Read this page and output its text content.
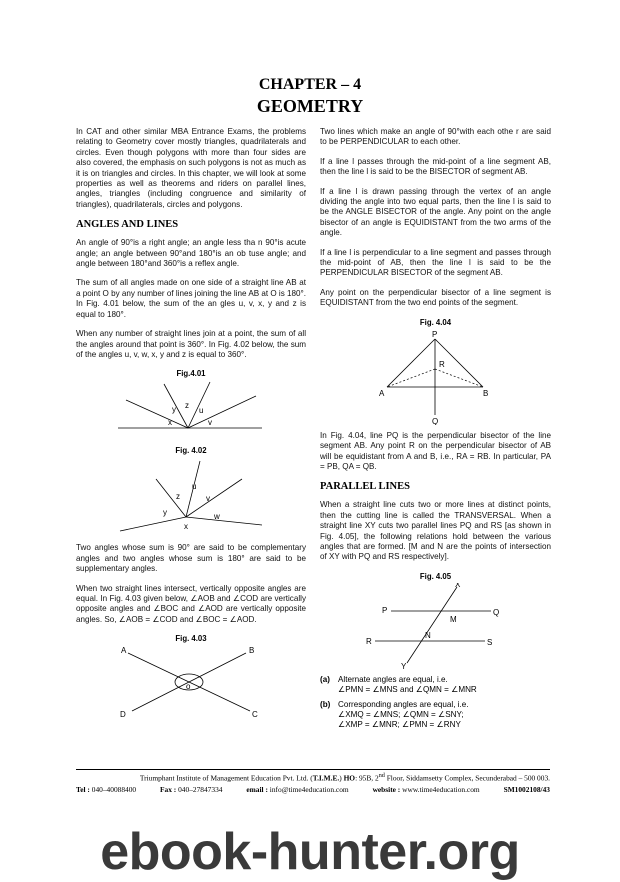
CHAPTER – 4
GEOMETRY

In CAT and other similar MBA Entrance Exams, the problems relating to Geometry cover mostly triangles, quadrilaterals and circles. Even though polygons with more than four sides are also covered, the emphasis on such polygons is not as much as it is on triangles and circles. In this chapter, we will look at some properties as well as theorems and riders on parallel lines, angles, triangles (including congruence and similarity of triangles), quadrilaterals, circles and polygons.

ANGLES AND LINES

An angle of 90°is a right angle; an angle less tha n 90°is acute angle; an angle between 90°and 180°is an ob tuse angle; and angle between 180°and 360°is a reflex angle.

The sum of all angles made on one side of a straight line AB at a point O by any number of lines joining the line AB at O is 180°. In Fig. 4.01 below, the sum of the an gles u, v, x, y and z is equal to 180°.

When any number of straight lines join at a point, the sum of all the angles around that point is 360°. In Fig. 4.02 below, the sum of the angles u, v, w, x, y and z is equal to 360°.

Fig.4.01
x
y z
u
v
Fig. 4.02
u
z	v
y	w
x

Two angles whose sum is 90° are said to be complementary angles and two angles whose sum is 180° are said to be supplementary angles.

When two straight lines intersect, vertically opposite angles are equal. In Fig. 4.03 given below, ∠AOB and ∠COD are vertically opposite angles and ∠BOC and ∠AOD are vertically opposite angles. So, ∠AOB = ∠COD and ∠BOC = ∠AOD.

Fig. 4.03
A	B
D	C
o

Two lines which make an angle of 90°with each othe r are said to be PERPENDICULAR to each other.

If a line l passes through the mid-point of a line segment AB, then the line l is said to be the BISECTOR of segment AB.

If a line l is drawn passing through the vertex of an angle dividing the angle into two equal parts, then the line l is said to be the ANGLE BISECTOR of the angle. Any point on the angle bisector of an angle is EQUIDISTANT from the two arms of the angle.

If a line l is perpendicular to a line segment and passes through the mid-point of AB, then the line l is said to be the PERPENDICULAR BISECTOR of the segment AB.

Any point on the perpendicular bisector of a line segment is EQUIDISTANT from the two end points of the segment.

Fig. 4.04
P
R
A	B
Q

In Fig. 4.04, line PQ is the perpendicular bisector of the line segment AB. Any point R on the perpendicular bisector of AB will be equidistant from A and B, i.e., RA = RB. In particular, PA = PB, QA = QB.

PARALLEL LINES

When a straight line cuts two or more lines at distinct points, then the cutting line is called the TRANSVERSAL. When a straight line XY cuts two parallel lines PQ and RS [as shown in Fig. 4.05], the following relations hold between the various angles that are formed. [M and N are the points of intersection of XY with PQ and RS respectively].

Fig. 4.05
X
P	Q
M
N
R	S
Y
(a) Alternate angles are equal, i.e.
∠PMN = ∠MNS and ∠QMN = ∠MNR
(b) Corresponding angles are equal, i.e.
∠XMQ = ∠MNS; ∠QMN = ∠SNY;
∠XMP = ∠MNR; ∠PMN = ∠RNY
Triumphant Institute of Management Education Pvt. Ltd. (T.I.M.E.) HO: 95B, 2nd Floor, Siddamsetty Complex, Secunderabad – 500 003.
Tel : 040–40088400	Fax : 040–27847334	email : info@time4education.com	website : www.time4education.com	SM1002108/43
ebook-hunter.org
